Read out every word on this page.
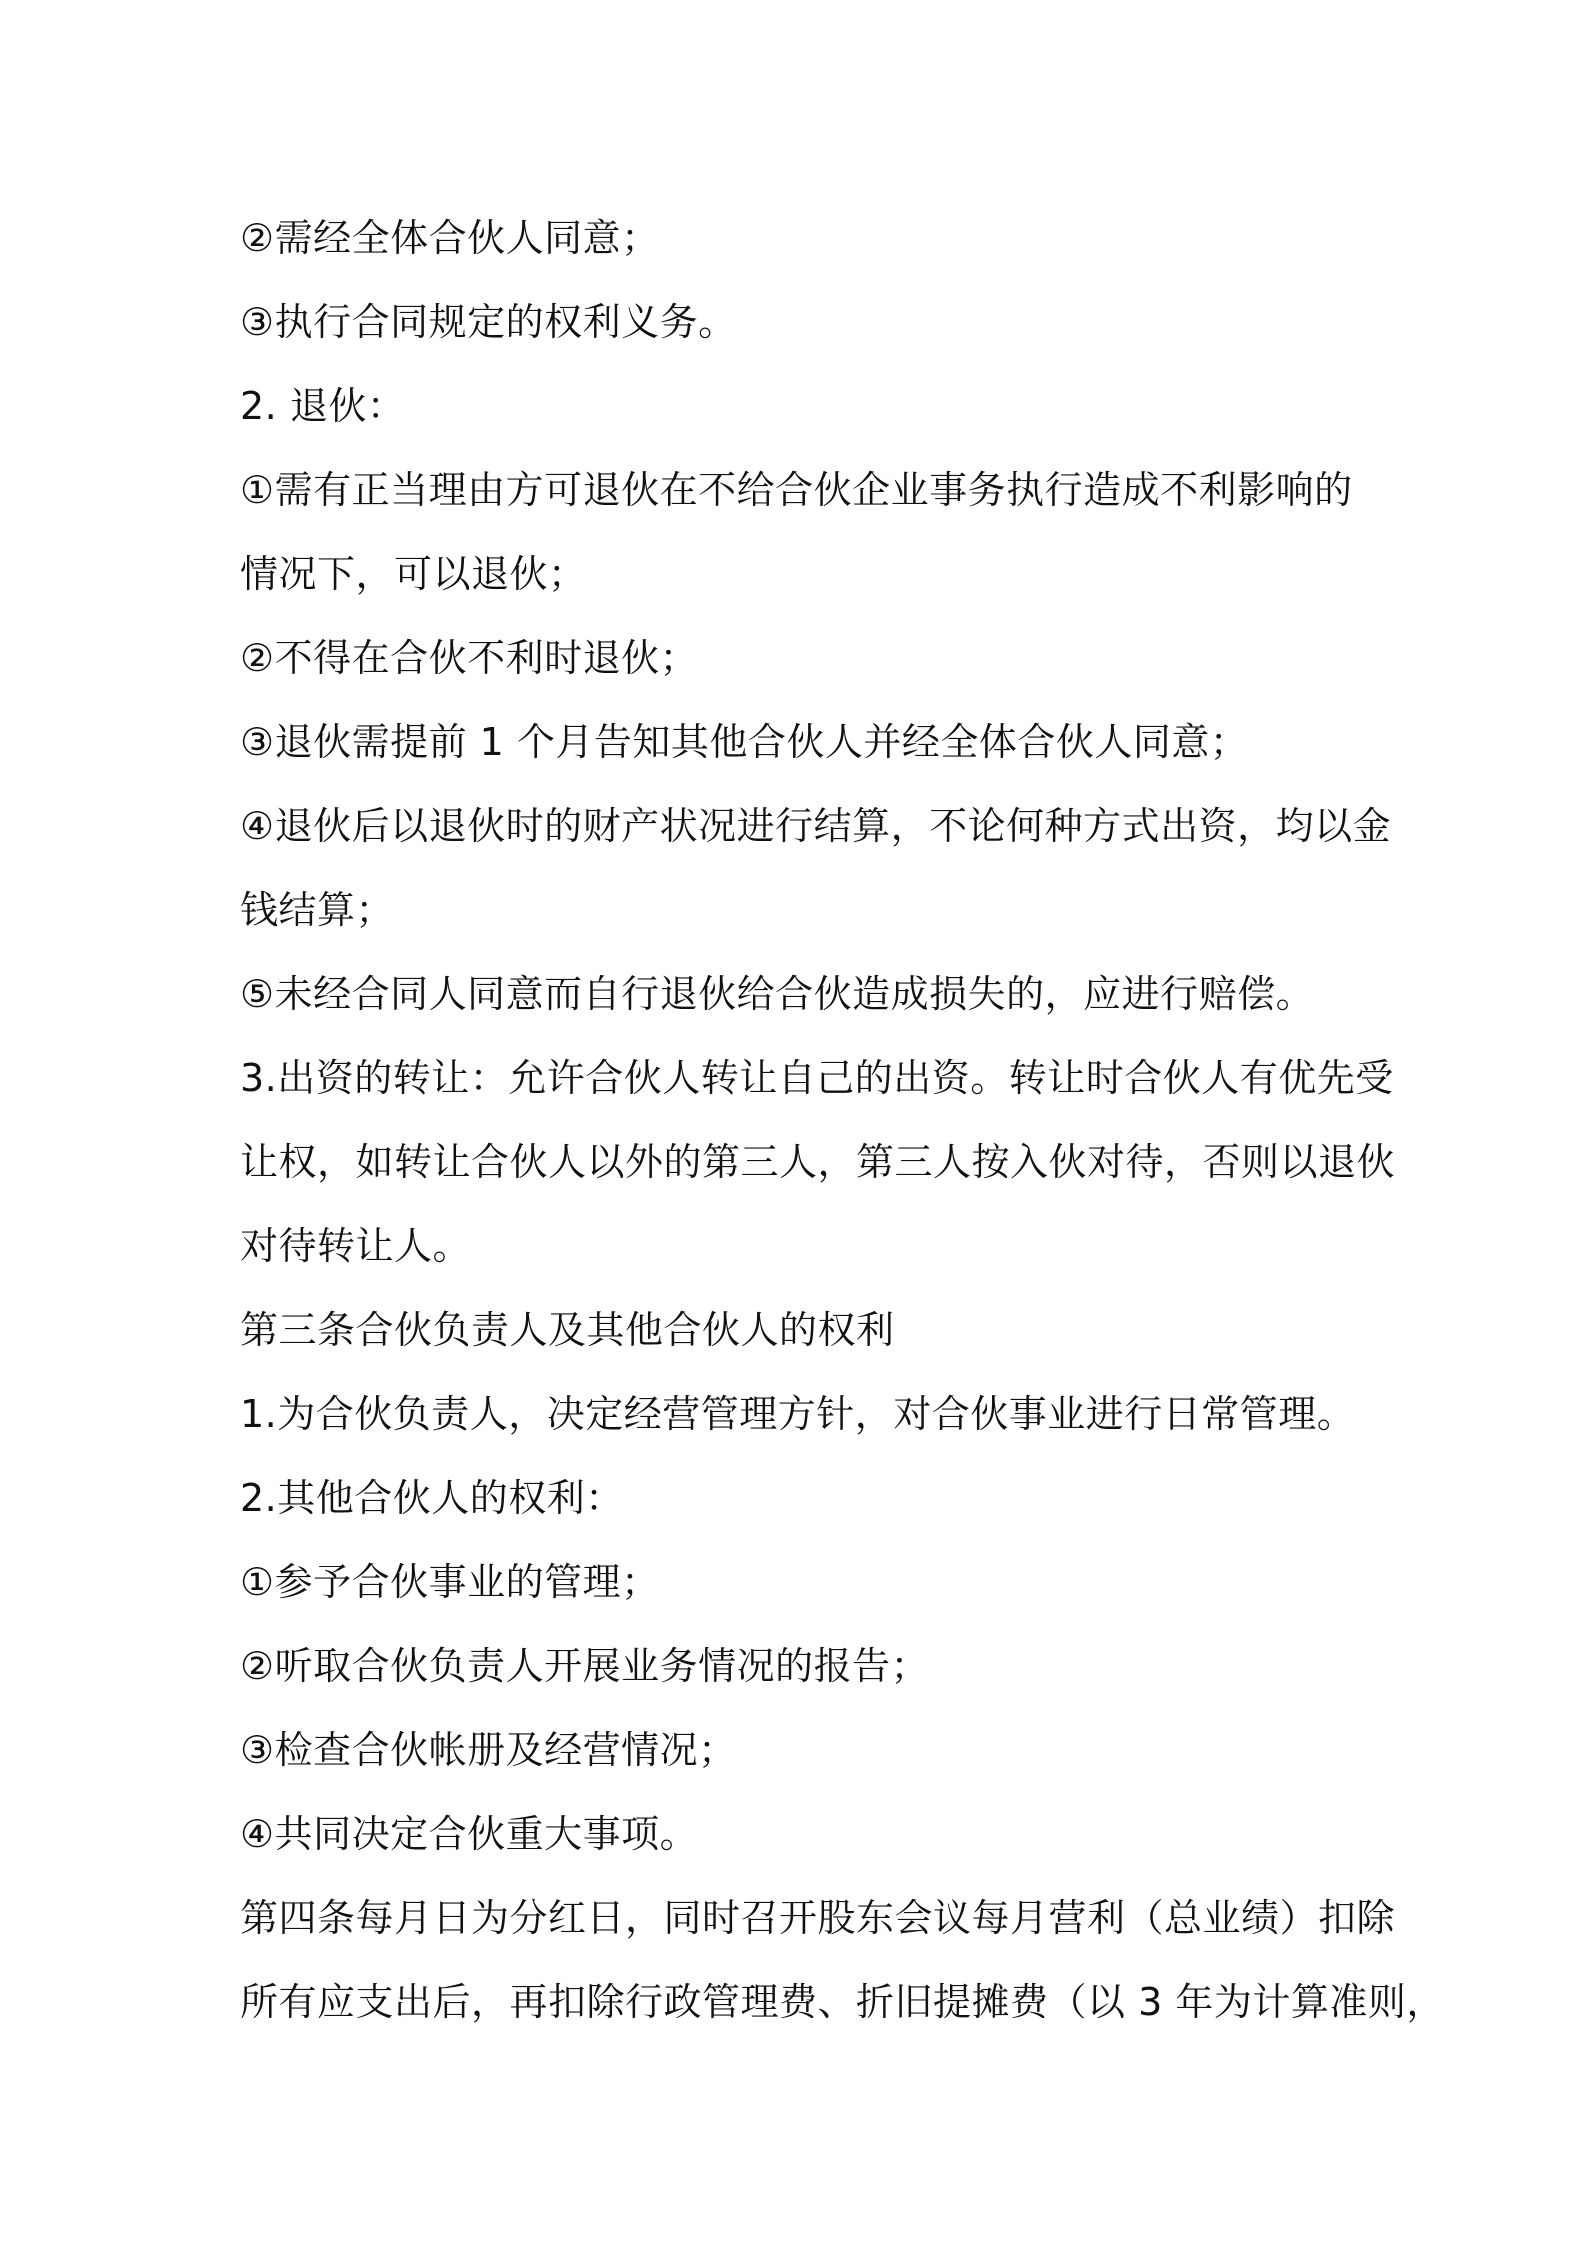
②需经全体合伙人同意；
③执行合同规定的权利义务。
2. 退伙：
①需有正当理由方可退伙在不给合伙企业事务执行造成不利影响的
情况下，可以退伙；
②不得在合伙不利时退伙；
③退伙需提前 1 个月告知其他合伙人并经全体合伙人同意；
④退伙后以退伙时的财产状况进行结算，不论何种方式出资，均以金
钱结算；
⑤未经合同人同意而自行退伙给合伙造成损失的，应进行赔偿。
3.出资的转让：允许合伙人转让自己的出资。转让时合伙人有优先受
让权，如转让合伙人以外的第三人，第三人按入伙对待，否则以退伙
对待转让人。
第三条合伙负责人及其他合伙人的权利
1.为合伙负责人，决定经营管理方针，对合伙事业进行日常管理。
2.其他合伙人的权利：
①参予合伙事业的管理；
②听取合伙负责人开展业务情况的报告；
③检查合伙帐册及经营情况；
④共同决定合伙重大事项。
第四条每月日为分红日，同时召开股东会议每月营利（总业绩）扣除
所有应支出后，再扣除行政管理费、折旧提摊费（以 3 年为计算准则，
